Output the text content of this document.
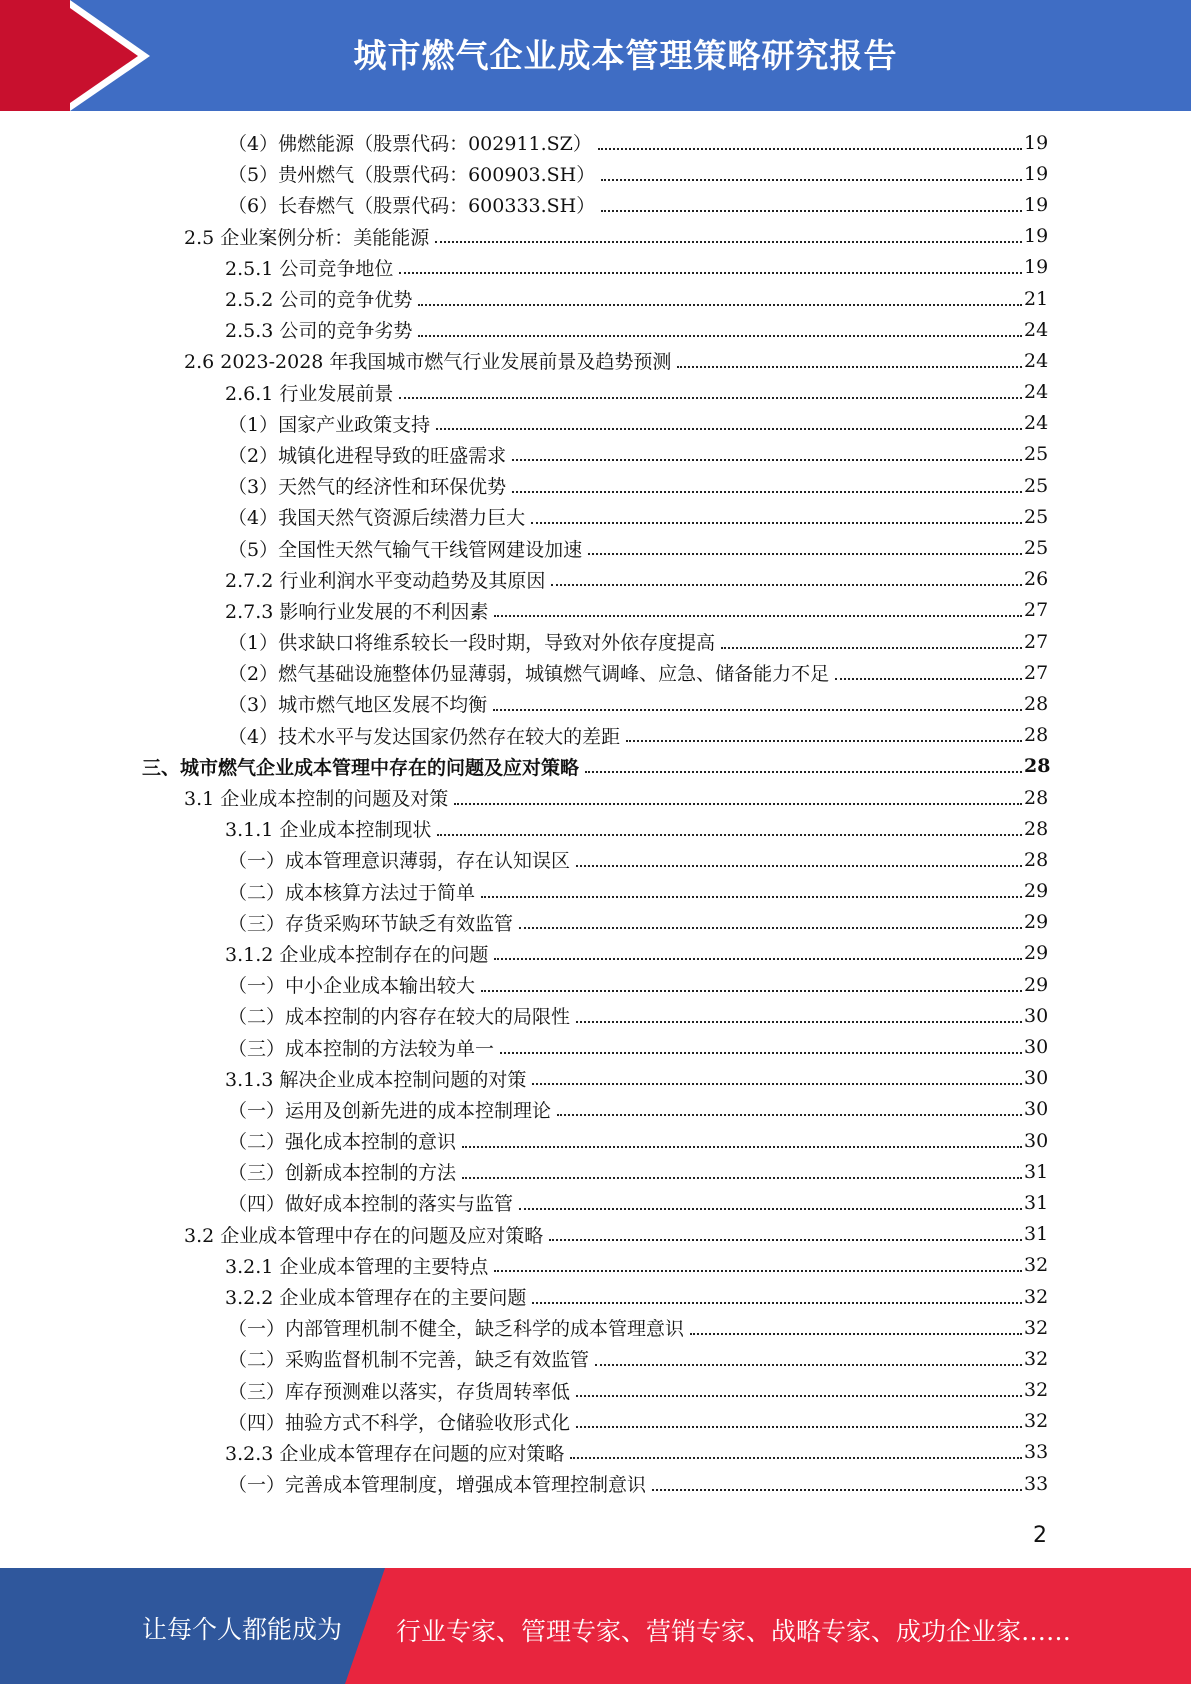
城市燃气企业成本管理策略研究报告
（4）佛燃能源（股票代码：002911.SZ）	19
（5）贵州燃气（股票代码：600903.SH）	19
（6）长春燃气（股票代码：600333.SH）	19
2.5 企业案例分析：美能能源	19
2.5.1 公司竞争地位	19
2.5.2 公司的竞争优势	21
2.5.3 公司的竞争劣势	24
2.6 2023-2028 年我国城市燃气行业发展前景及趋势预测	24
2.6.1 行业发展前景	24
（1）国家产业政策支持	24
（2）城镇化进程导致的旺盛需求	25
（3）天然气的经济性和环保优势	25
（4）我国天然气资源后续潜力巨大	25
（5）全国性天然气输气干线管网建设加速	25
2.7.2 行业利润水平变动趋势及其原因	26
2.7.3 影响行业发展的不利因素	27
（1）供求缺口将维系较长一段时期，导致对外依存度提高	27
（2）燃气基础设施整体仍显薄弱，城镇燃气调峰、应急、储备能力不足	27
（3）城市燃气地区发展不均衡	28
（4）技术水平与发达国家仍然存在较大的差距	28
三、城市燃气企业成本管理中存在的问题及应对策略	28
3.1 企业成本控制的问题及对策	28
3.1.1 企业成本控制现状	28
（一）成本管理意识薄弱，存在认知误区	28
（二）成本核算方法过于简单	29
（三）存货采购环节缺乏有效监管	29
3.1.2 企业成本控制存在的问题	29
（一）中小企业成本输出较大	29
（二）成本控制的内容存在较大的局限性	30
（三）成本控制的方法较为单一	30
3.1.3 解决企业成本控制问题的对策	30
（一）运用及创新先进的成本控制理论	30
（二）强化成本控制的意识	30
（三）创新成本控制的方法	31
（四）做好成本控制的落实与监管	31
3.2 企业成本管理中存在的问题及应对策略	31
3.2.1 企业成本管理的主要特点	32
3.2.2 企业成本管理存在的主要问题	32
（一）内部管理机制不健全，缺乏科学的成本管理意识	32
（二）采购监督机制不完善，缺乏有效监管	32
（三）库存预测难以落实，存货周转率低	32
（四）抽验方式不科学，仓储验收形式化	32
3.2.3 企业成本管理存在问题的应对策略	33
（一）完善成本管理制度，增强成本管理控制意识	33
2
让每个人都能成为 行业专家、管理专家、营销专家、战略专家、成功企业家……
